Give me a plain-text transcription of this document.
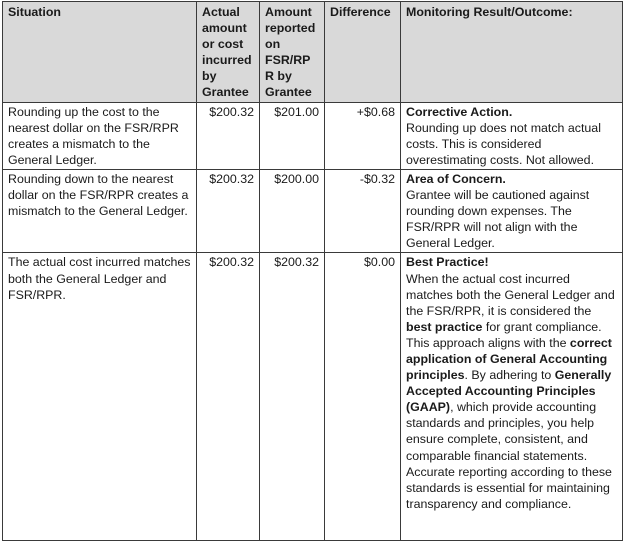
Situation	Actual amount or cost incurred by Grantee	Amount reported on FSR/RPR by Grantee	Difference	Monitoring Result/Outcome:
Rounding up the cost to the nearest dollar on the FSR/RPR creates a mismatch to the General Ledger.	$200.32	$201.00	+$0.68	Corrective Action.
Rounding up does not match actual costs. This is considered overestimating costs. Not allowed.
Rounding down to the nearest dollar on the FSR/RPR creates a mismatch to the General Ledger.	$200.32	$200.00	-$0.32	Area of Concern.
Grantee will be cautioned against rounding down expenses. The FSR/RPR will not align with the General Ledger.
The actual cost incurred matches both the General Ledger and FSR/RPR.	$200.32	$200.32	$0.00	Best Practice!
When the actual cost incurred matches both the General Ledger and the FSR/RPR, it is considered the best practice for grant compliance. This approach aligns with the correct application of General Accounting principles. By adhering to Generally Accepted Accounting Principles (GAAP), which provide accounting standards and principles, you help ensure complete, consistent, and comparable financial statements. Accurate reporting according to these standards is essential for maintaining transparency and compliance.
